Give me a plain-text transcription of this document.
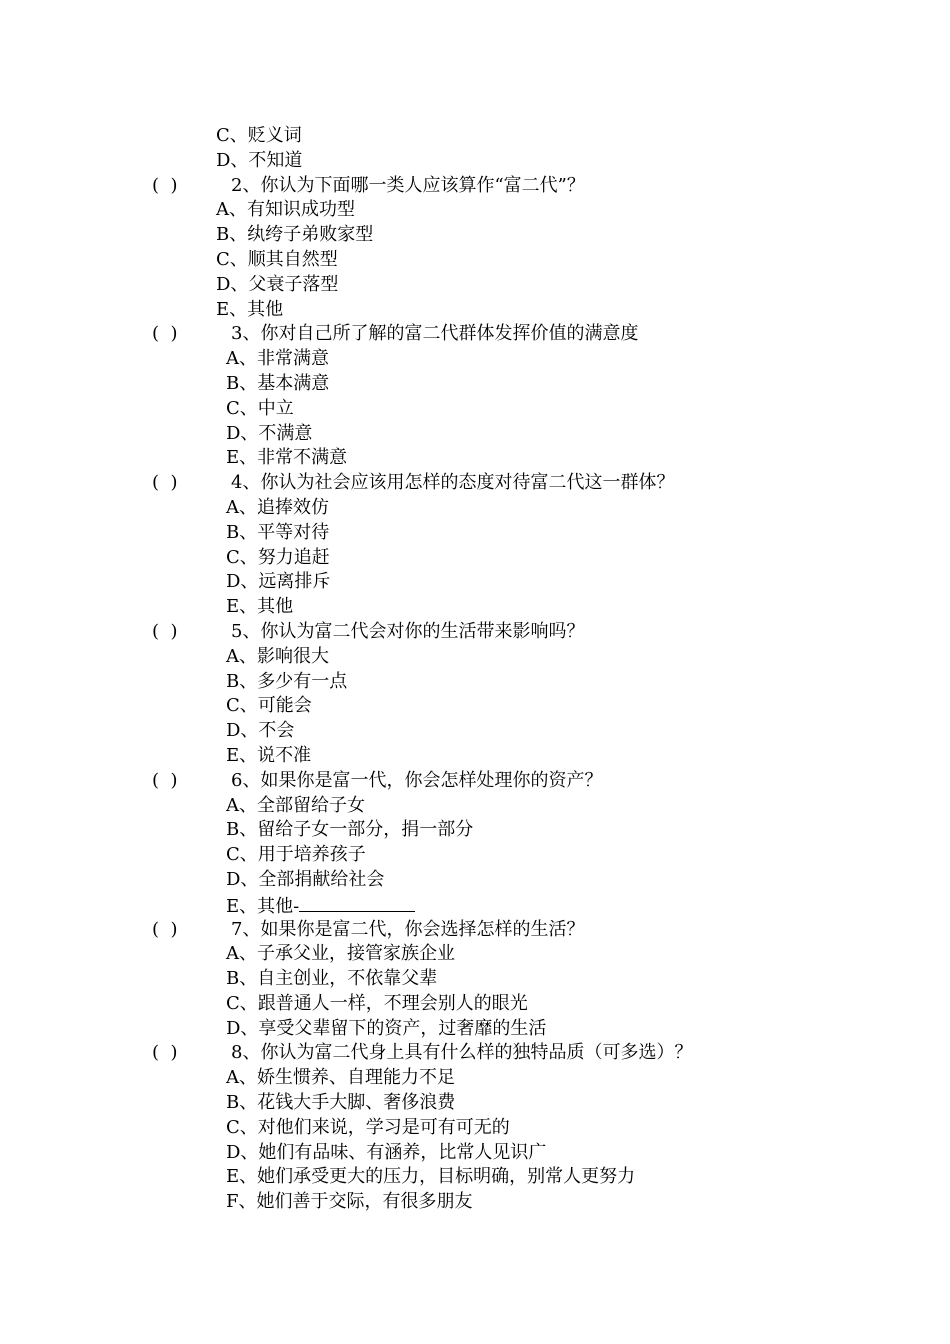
C、贬义词
D、不知道

(  )

	2、你认为下面哪一类人应该算作“富二代”？

A、有知识成功型
B、纨绔子弟败家型
C、顺其自然型
D、父衰子落型
E、其他

(  )

	3、你对自己所了解的富二代群体发挥价值的满意度

A、非常满意
B、基本满意
C、中立
D、不满意
E、非常不满意

(  )

	4、你认为社会应该用怎样的态度对待富二代这一群体？

A、追捧效仿
B、平等对待
C、努力追赶
D、远离排斥
E、其他

(  )

	5、你认为富二代会对你的生活带来影响吗？

A、影响很大
B、多少有一点
C、可能会
D、不会
E、说不准

(  )

	6、如果你是富一代，你会怎样处理你的资产？

A、全部留给子女
B、留给子女一部分，捐一部分
C、用于培养孩子
D、全部捐献给社会
E、其他-

(  )

	7、如果你是富二代，你会选择怎样的生活？

A、子承父业，接管家族企业
B、自主创业，不依靠父辈
C、跟普通人一样，不理会别人的眼光
D、享受父辈留下的资产，过奢靡的生活

(  )

	8、你认为富二代身上具有什么样的独特品质（可多选）？

A、娇生惯养、自理能力不足
B、花钱大手大脚、奢侈浪费
C、对他们来说，学习是可有可无的
D、她们有品味、有涵养，比常人见识广
E、她们承受更大的压力，目标明确，别常人更努力
F、她们善于交际，有很多朋友
